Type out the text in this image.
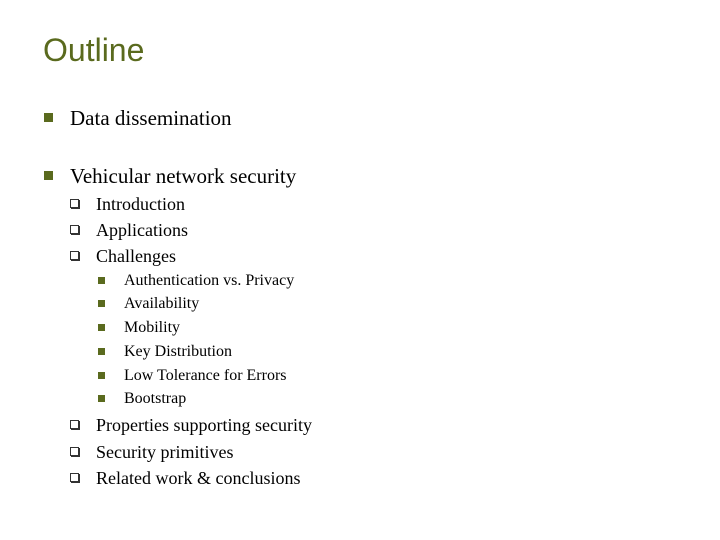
Outline
Data dissemination
Vehicular network security
Introduction
Applications
Challenges
Authentication vs. Privacy
Availability
Mobility
Key Distribution
Low Tolerance for Errors
Bootstrap
Properties supporting security
Security primitives
Related work & conclusions
